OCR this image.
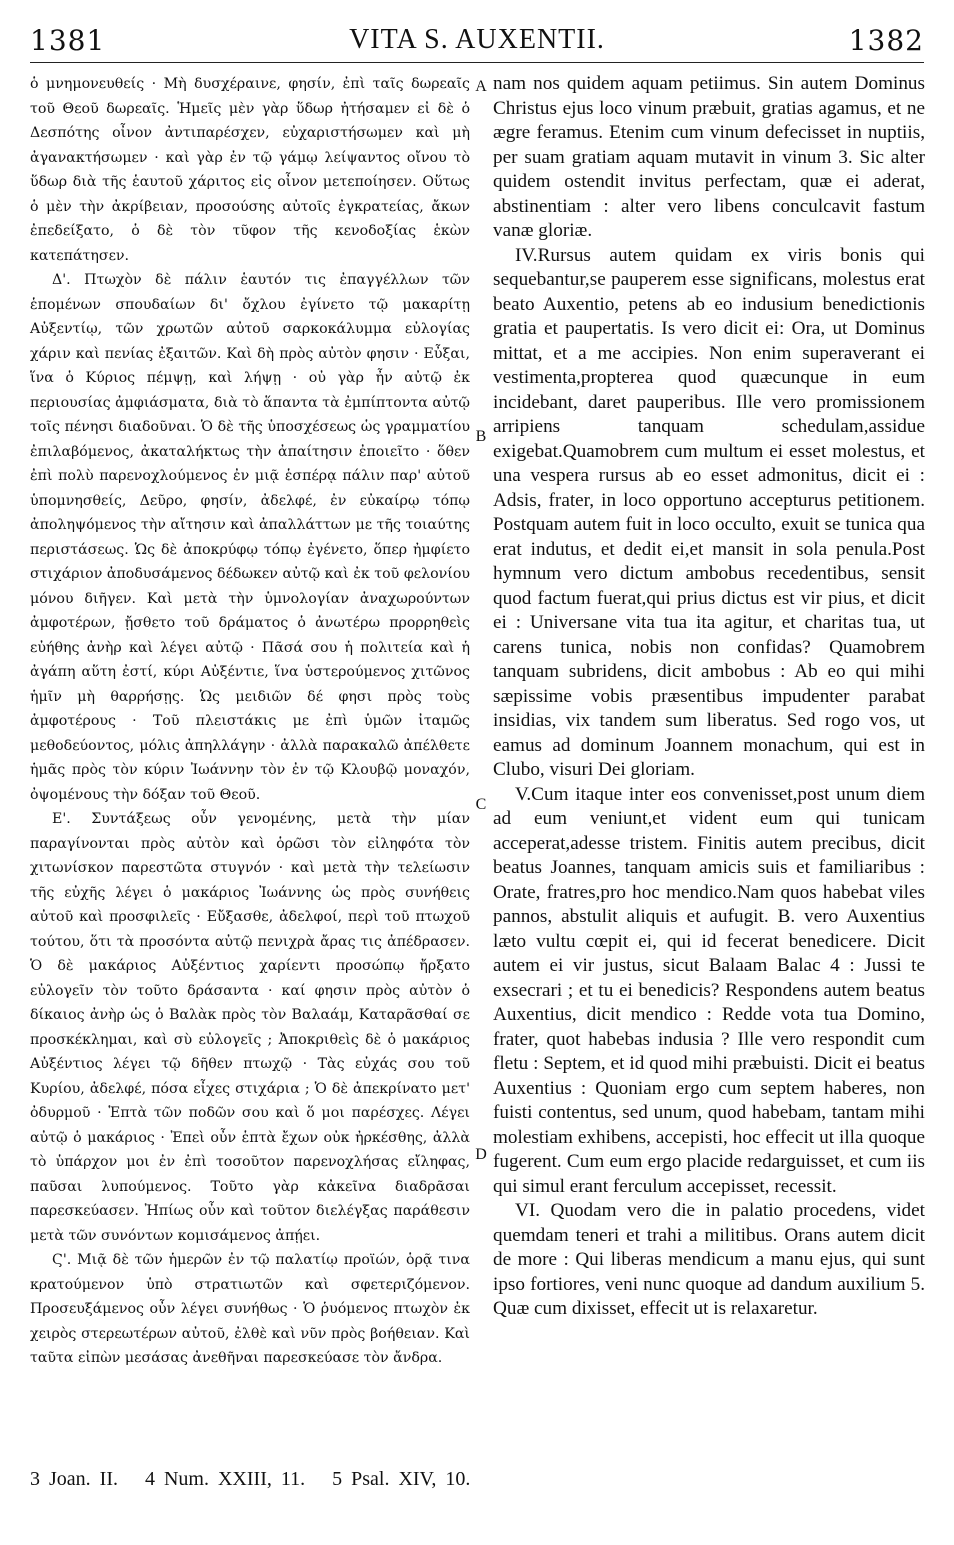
1381	VITA S. AUXENTII.	1382

ὁ μνημονευθείς · Μὴ δυσχέραινε, φησίν, ἐπὶ ταῖς δωρεαῖς τοῦ Θεοῦ δωρεαῖς. Ἡμεῖς μὲν γὰρ ὕδωρ ἠτήσαμεν εἰ δὲ ὁ Δεσπότης οἶνον ἀντιπαρέσχεν, εὐχαριστήσωμεν καὶ μὴ ἀγανακτήσωμεν · καὶ γὰρ ἐν τῷ γάμῳ λείψαντος οἴνου τὸ ὕδωρ διὰ τῆς ἑαυτοῦ χάριτος εἰς οἶνον μετεποίησεν. Οὕτως ὁ μὲν τὴν ἀκρίβειαν, προσούσης αὐτοῖς ἐγκρατείας, ἄκων ἐπεδείξατο, ὁ δὲ τὸν τῦφον τῆς κενοδοξίας ἑκὼν κατεπάτησεν.

Δ'. Πτωχὸν δὲ πάλιν ἑαυτόν τις ἐπαγγέλλων τῶν ἑπομένων σπουδαίων δι' ὄχλου ἐγίνετο τῷ μακαρίτῃ Αὐξεντίῳ, τῶν χρωτῶν αὐτοῦ σαρκοκάλυμμα εὐλογίας χάριν καὶ πενίας ἐξαιτῶν. Καὶ δὴ πρὸς αὐτὸν φησιν · Εὖξαι, ἵνα ὁ Κύριος πέμψῃ, καὶ λήψῃ · οὐ γὰρ ἦν αὐτῷ ἐκ περιουσίας ἀμφιάσματα, διὰ τὸ ἅπαντα τὰ ἐμπίπτοντα αὐτῷ τοῖς πένησι διαδοῦναι. Ὁ δὲ τῆς ὑποσχέσεως ὡς γραμματίου ἐπιλαβόμενος, ἀκαταλήκτως τὴν ἀπαίτησιν ἐποιεῖτο · ὅθεν ἐπὶ πολὺ παρενοχλούμενος ἐν μιᾷ ἑσπέρᾳ πάλιν παρ' αὐτοῦ ὑπομνησθείς, Δεῦρο, φησίν, ἀδελφέ, ἐν εὐκαίρῳ τόπῳ ἀποληψόμενος τὴν αἴτησιν καὶ ἀπαλλάττων με τῆς τοιαύτης περιστάσεως. Ὡς δὲ ἀποκρύφῳ τόπῳ ἐγένετο, ὅπερ ἠμφίετο στιχάριον ἀποδυσάμενος δέδωκεν αὐτῷ καὶ ἐκ τοῦ φελονίου μόνου διῆγεν. Καὶ μετὰ τὴν ὑμνολογίαν ἀναχωρούντων ἀμφοτέρων, ᾔσθετο τοῦ δράματος ὁ ἀνωτέρω προρρηθεὶς εὐήθης ἀνὴρ καὶ λέγει αὐτῷ · Πᾶσά σου ἡ πολιτεία καὶ ἡ ἀγάπη αὕτη ἐστί, κύρι Αὐξέντιε, ἵνα ὑστερούμενος χιτῶνος ἡμῖν μὴ θαρρήσῃς. Ὡς μειδιῶν δέ φησι πρὸς τοὺς ἀμφοτέρους · Τοῦ πλειστάκις με ἐπὶ ὑμῶν ἰταμῶς μεθοδεύοντος, μόλις ἀπηλλάγην · ἀλλὰ παρακαλῶ ἀπέλθετε ἡμᾶς πρὸς τὸν κύριν Ἰωάννην τὸν ἐν τῷ Κλουβῷ μοναχόν, ὀψομένους τὴν δόξαν τοῦ Θεοῦ.

Ε'. Συντάξεως οὖν γενομένης, μετὰ τὴν μίαν παραγίνονται πρὸς αὐτὸν καὶ ὁρῶσι τὸν εἰληφότα τὸν χιτωνίσκον παρεστῶτα στυγνόν · καὶ μετὰ τὴν τελείωσιν τῆς εὐχῆς λέγει ὁ μακάριος Ἰωάννης ὡς πρὸς συνήθεις αὐτοῦ καὶ προσφιλεῖς · Εὔξασθε, ἀδελφοί, περὶ τοῦ πτωχοῦ τούτου, ὅτι τὰ προσόντα αὐτῷ πενιχρὰ ἄρας τις ἀπέδρασεν. Ὁ δὲ μακάριος Αὐξέντιος χαρίεντι προσώπῳ ἤρξατο εὐλογεῖν τὸν τοῦτο δράσαντα · καί φησιν πρὸς αὐτὸν ὁ δίκαιος ἀνὴρ ὡς ὁ Βαλὰκ πρὸς τὸν Βαλαάμ, Καταρᾶσθαί σε προσκέκλημαι, καὶ σὺ εὐλογεῖς ; Ἀποκριθεὶς δὲ ὁ μακάριος Αὐξέντιος λέγει τῷ δῆθεν πτωχῷ · Τὰς εὐχάς σου τοῦ Κυρίου, ἀδελφέ, πόσα εἶχες στιχάρια ; Ὁ δὲ ἀπεκρίνατο μετ' ὀδυρμοῦ · Ἑπτὰ τῶν ποδῶν σου καὶ ὅ μοι παρέσχες. Λέγει αὐτῷ ὁ μακάριος · Ἐπεὶ οὖν ἑπτὰ ἔχων οὐκ ἠρκέσθης, ἀλλὰ τὸ ὑπάρχον μοι ἐν ἐπὶ τοσοῦτον παρενοχλήσας εἴληφας, παῦσαι λυπούμενος. Τοῦτο γὰρ κἀκεῖνα διαδρᾶσαι παρεσκεύασεν. Ἠπίως οὖν καὶ τοῦτον διελέγξας παράθεσιν μετὰ τῶν συνόντων κομισάμενος ἀπῄει.

Ϛ'. Μιᾷ δὲ τῶν ἡμερῶν ἐν τῷ παλατίῳ προϊών, ὁρᾷ τινα κρατούμενον ὑπὸ στρατιωτῶν καὶ σφετεριζόμενον. Προσευξάμενος οὖν λέγει συνήθως · Ὁ ῥυόμενος πτωχὸν ἐκ χειρὸς στερεωτέρων αὐτοῦ, ἐλθὲ καὶ νῦν πρὸς βοήθειαν. Καὶ ταῦτα εἰπὼν μεσάσας ἀνεθῆναι παρεσκεύασε τὸν ἄνδρα.

A
B
C
D

nam nos quidem aquam petiimus. Sin autem Dominus Christus ejus loco vinum præbuit, gratias agamus, et ne ægre feramus. Etenim cum vinum defecisset in nuptiis, per suam gratiam aquam mutavit in vinum 3. Sic alter quidem ostendit invitus perfectam, quæ ei aderat, abstinentiam : alter vero libens conculcavit fastum vanæ gloriæ.

IV.Rursus autem quidam ex viris bonis qui sequebantur,se pauperem esse significans, molestus erat beato Auxentio, petens ab eo indusium benedictionis gratia et paupertatis. Is vero dicit ei: Ora, ut Dominus mittat, et a me accipies. Non enim superaverant ei vestimenta,propterea quod quæcunque in eum incidebant, daret pauperibus. Ille vero promissionem arripiens tanquam schedulam,assidue exigebat.Quamobrem cum multum ei esset molestus, et una vespera rursus ab eo esset admonitus, dicit ei : Adsis, frater, in loco opportuno accepturus petitionem. Postquam autem fuit in loco occulto, exuit se tunica qua erat indutus, et dedit ei,et mansit in sola penula.Post hymnum vero dictum ambobus recedentibus, sensit quod factum fuerat,qui prius dictus est vir pius, et dicit ei : Universane vita tua ita agitur, et charitas tua, ut carens tunica, nobis non confidas? Quamobrem tanquam subridens, dicit ambobus : Ab eo qui mihi sæpissime vobis præsentibus impudenter parabat insidias, vix tandem sum liberatus. Sed rogo vos, ut eamus ad dominum Joannem monachum, qui est in Clubo, visuri Dei gloriam.

V.Cum itaque inter eos convenisset,post unum diem ad eum veniunt,et vident eum qui tunicam acceperat,adesse tristem. Finitis autem precibus, dicit beatus Joannes, tanquam amicis suis et familiaribus : Orate, fratres,pro hoc mendico.Nam quos habebat viles pannos, abstulit aliquis et aufugit. B. vero Auxentius læto vultu cœpit ei, qui id fecerat benedicere. Dicit autem ei vir justus, sicut Balaam Balac 4 : Jussi te exsecrari ; et tu ei benedicis? Respondens autem beatus Auxentius, dicit mendico : Redde vota tua Domino, frater, quot habebas indusia ? Ille vero respondit cum fletu : Septem, et id quod mihi præbuisti. Dicit ei beatus Auxentius : Quoniam ergo cum septem haberes, non fuisti contentus, sed unum, quod habebam, tantam mihi molestiam exhibens, accepisti, hoc effecit ut illa quoque fugerent. Cum eum ergo placide redarguisset, et cum iis qui simul erant ferculum accepisset, recessit.

VI. Quodam vero die in palatio procedens, videt quemdam teneri et trahi a militibus. Orans autem dicit de more : Qui liberas mendicum a manu ejus, qui sunt ipso fortiores, veni nunc quoque ad dandum auxilium 5. Quæ cum dixisset, effecit ut is relaxaretur.

3 Joan. II. 4 Num. XXIII, 11. 5 Psal. XIV, 10.
